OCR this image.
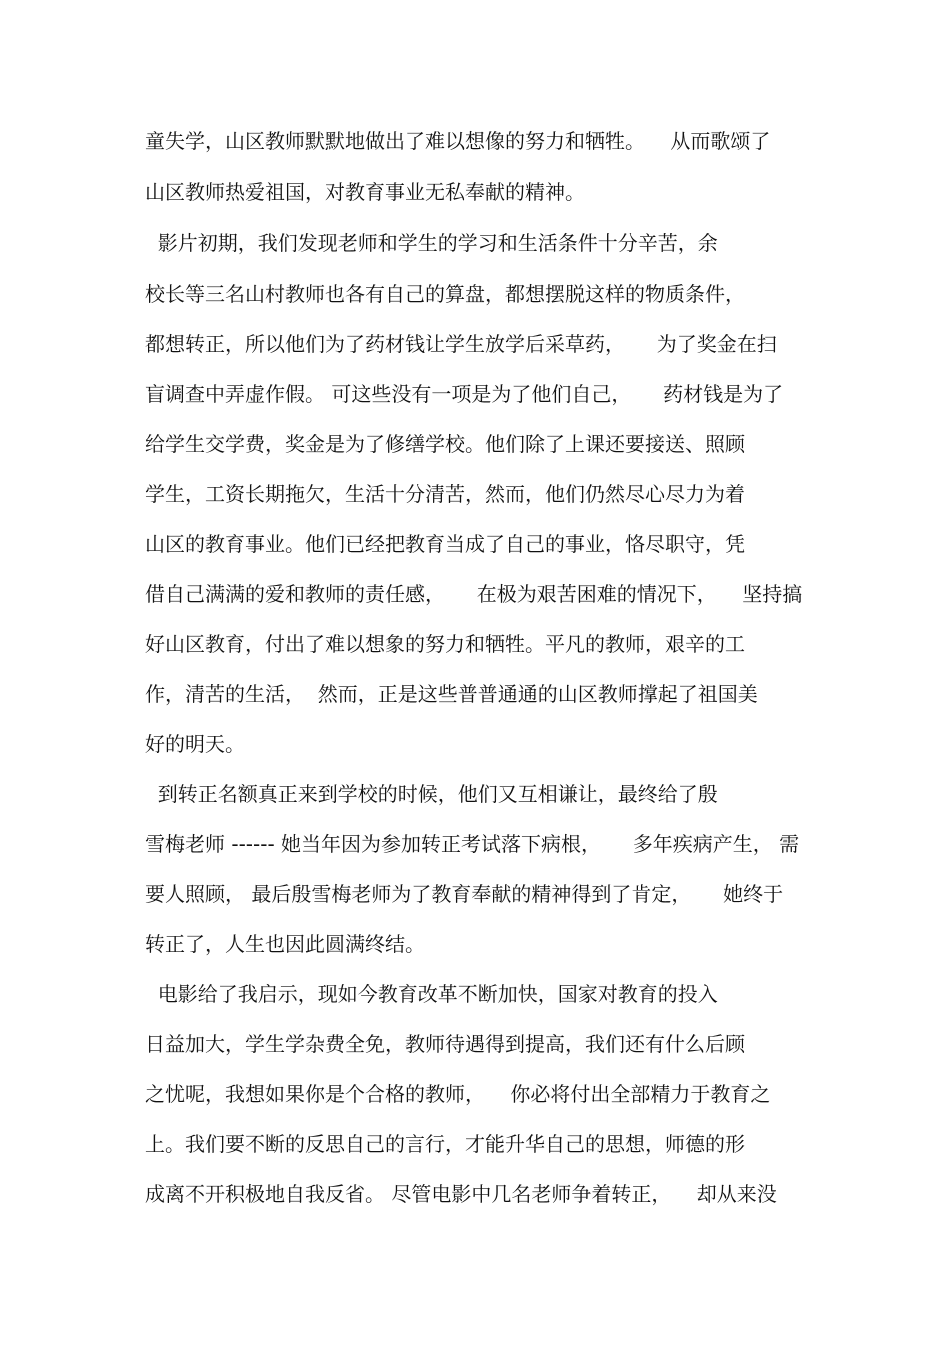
童失学，山区教师默默地做出了难以想像的努力和牺牲。    从而歌颂了
山区教师热爱祖国，对教育事业无私奉献的精神。
影片初期，我们发现老师和学生的学习和生活条件十分辛苦，余
校长等三名山村教师也各有自己的算盘，都想摆脱这样的物质条件，
都想转正，所以他们为了药材钱让学生放学后采草药，     为了奖金在扫
盲调查中弄虚作假。 可这些没有一项是为了他们自己，     药材钱是为了
给学生交学费，奖金是为了修缮学校。他们除了上课还要接送、照顾
学生，工资长期拖欠，生活十分清苦，然而，他们仍然尽心尽力为着
山区的教育事业。他们已经把教育当成了自己的事业，恪尽职守，凭
借自己满满的爱和教师的责任感，     在极为艰苦困难的情况下，    坚持搞
好山区教育，付出了难以想象的努力和牺牲。平凡的教师，艰辛的工
作，清苦的生活，  然而，正是这些普普通通的山区教师撑起了祖国美
好的明天。
到转正名额真正来到学校的时候，他们又互相谦让，最终给了殷
雪梅老师 ------ 她当年因为参加转正考试落下病根，     多年疾病产生， 需
要人照顾， 最后殷雪梅老师为了教育奉献的精神得到了肯定，     她终于
转正了，人生也因此圆满终结。
电影给了我启示，现如今教育改革不断加快，国家对教育的投入
日益加大，学生学杂费全免，教师待遇得到提高，我们还有什么后顾
之忧呢，我想如果你是个合格的教师，    你必将付出全部精力于教育之
上。我们要不断的反思自己的言行，才能升华自己的思想，师德的形
成离不开积极地自我反省。 尽管电影中几名老师争着转正，    却从来没
